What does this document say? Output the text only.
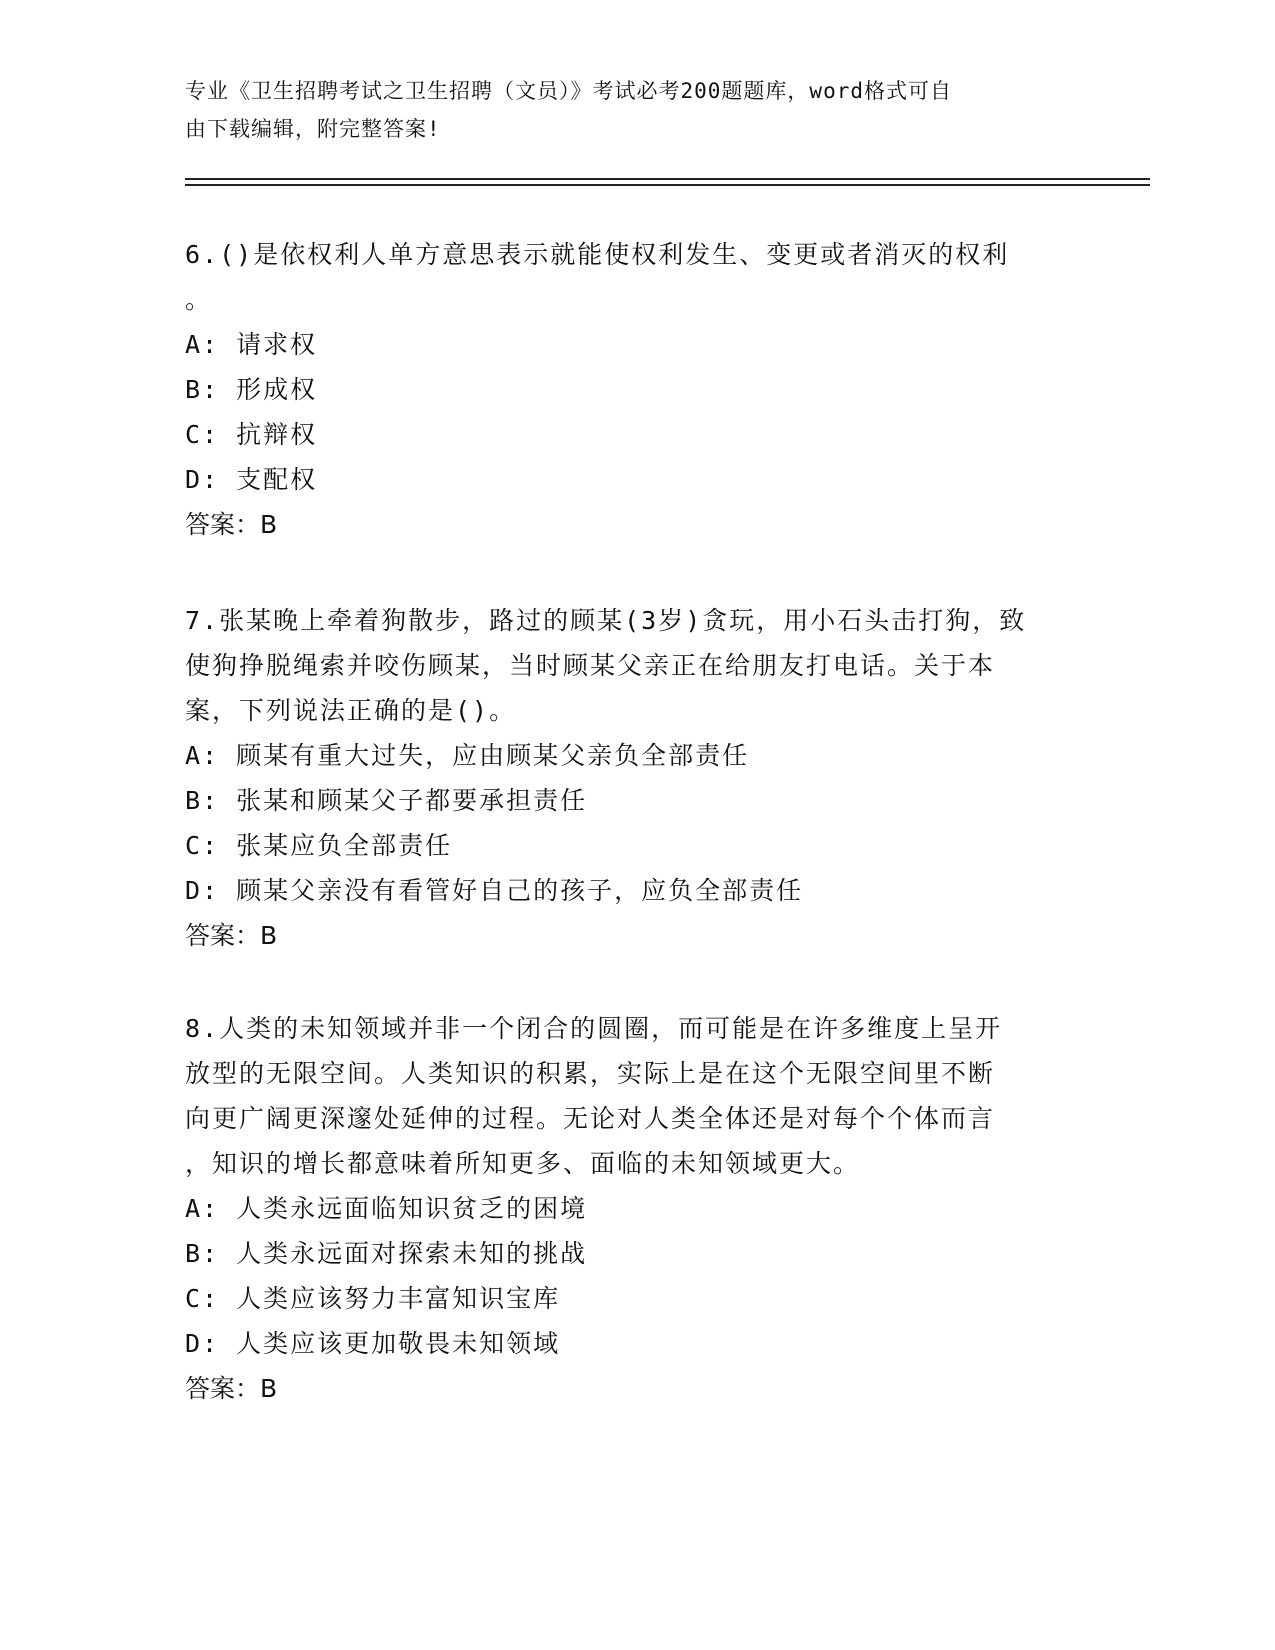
专业《卫生招聘考试之卫生招聘（文员）》考试必考200题题库，word格式可自
由下载编辑，附完整答案!
6.()是依权利人单方意思表示就能使权利发生、变更或者消灭的权利
。
A: 请求权
B: 形成权
C: 抗辩权
D: 支配权
答案：B
7.张某晚上牵着狗散步，路过的顾某(3岁)贪玩，用小石头击打狗，致
使狗挣脱绳索并咬伤顾某，当时顾某父亲正在给朋友打电话。关于本
案，下列说法正确的是()。
A: 顾某有重大过失，应由顾某父亲负全部责任
B: 张某和顾某父子都要承担责任
C: 张某应负全部责任
D: 顾某父亲没有看管好自己的孩子，应负全部责任
答案：B
8.人类的未知领域并非一个闭合的圆圈，而可能是在许多维度上呈开
放型的无限空间。人类知识的积累，实际上是在这个无限空间里不断
向更广阔更深邃处延伸的过程。无论对人类全体还是对每个个体而言
，知识的增长都意味着所知更多、面临的未知领域更大。
A: 人类永远面临知识贫乏的困境
B: 人类永远面对探索未知的挑战
C: 人类应该努力丰富知识宝库
D: 人类应该更加敬畏未知领域
答案：B
